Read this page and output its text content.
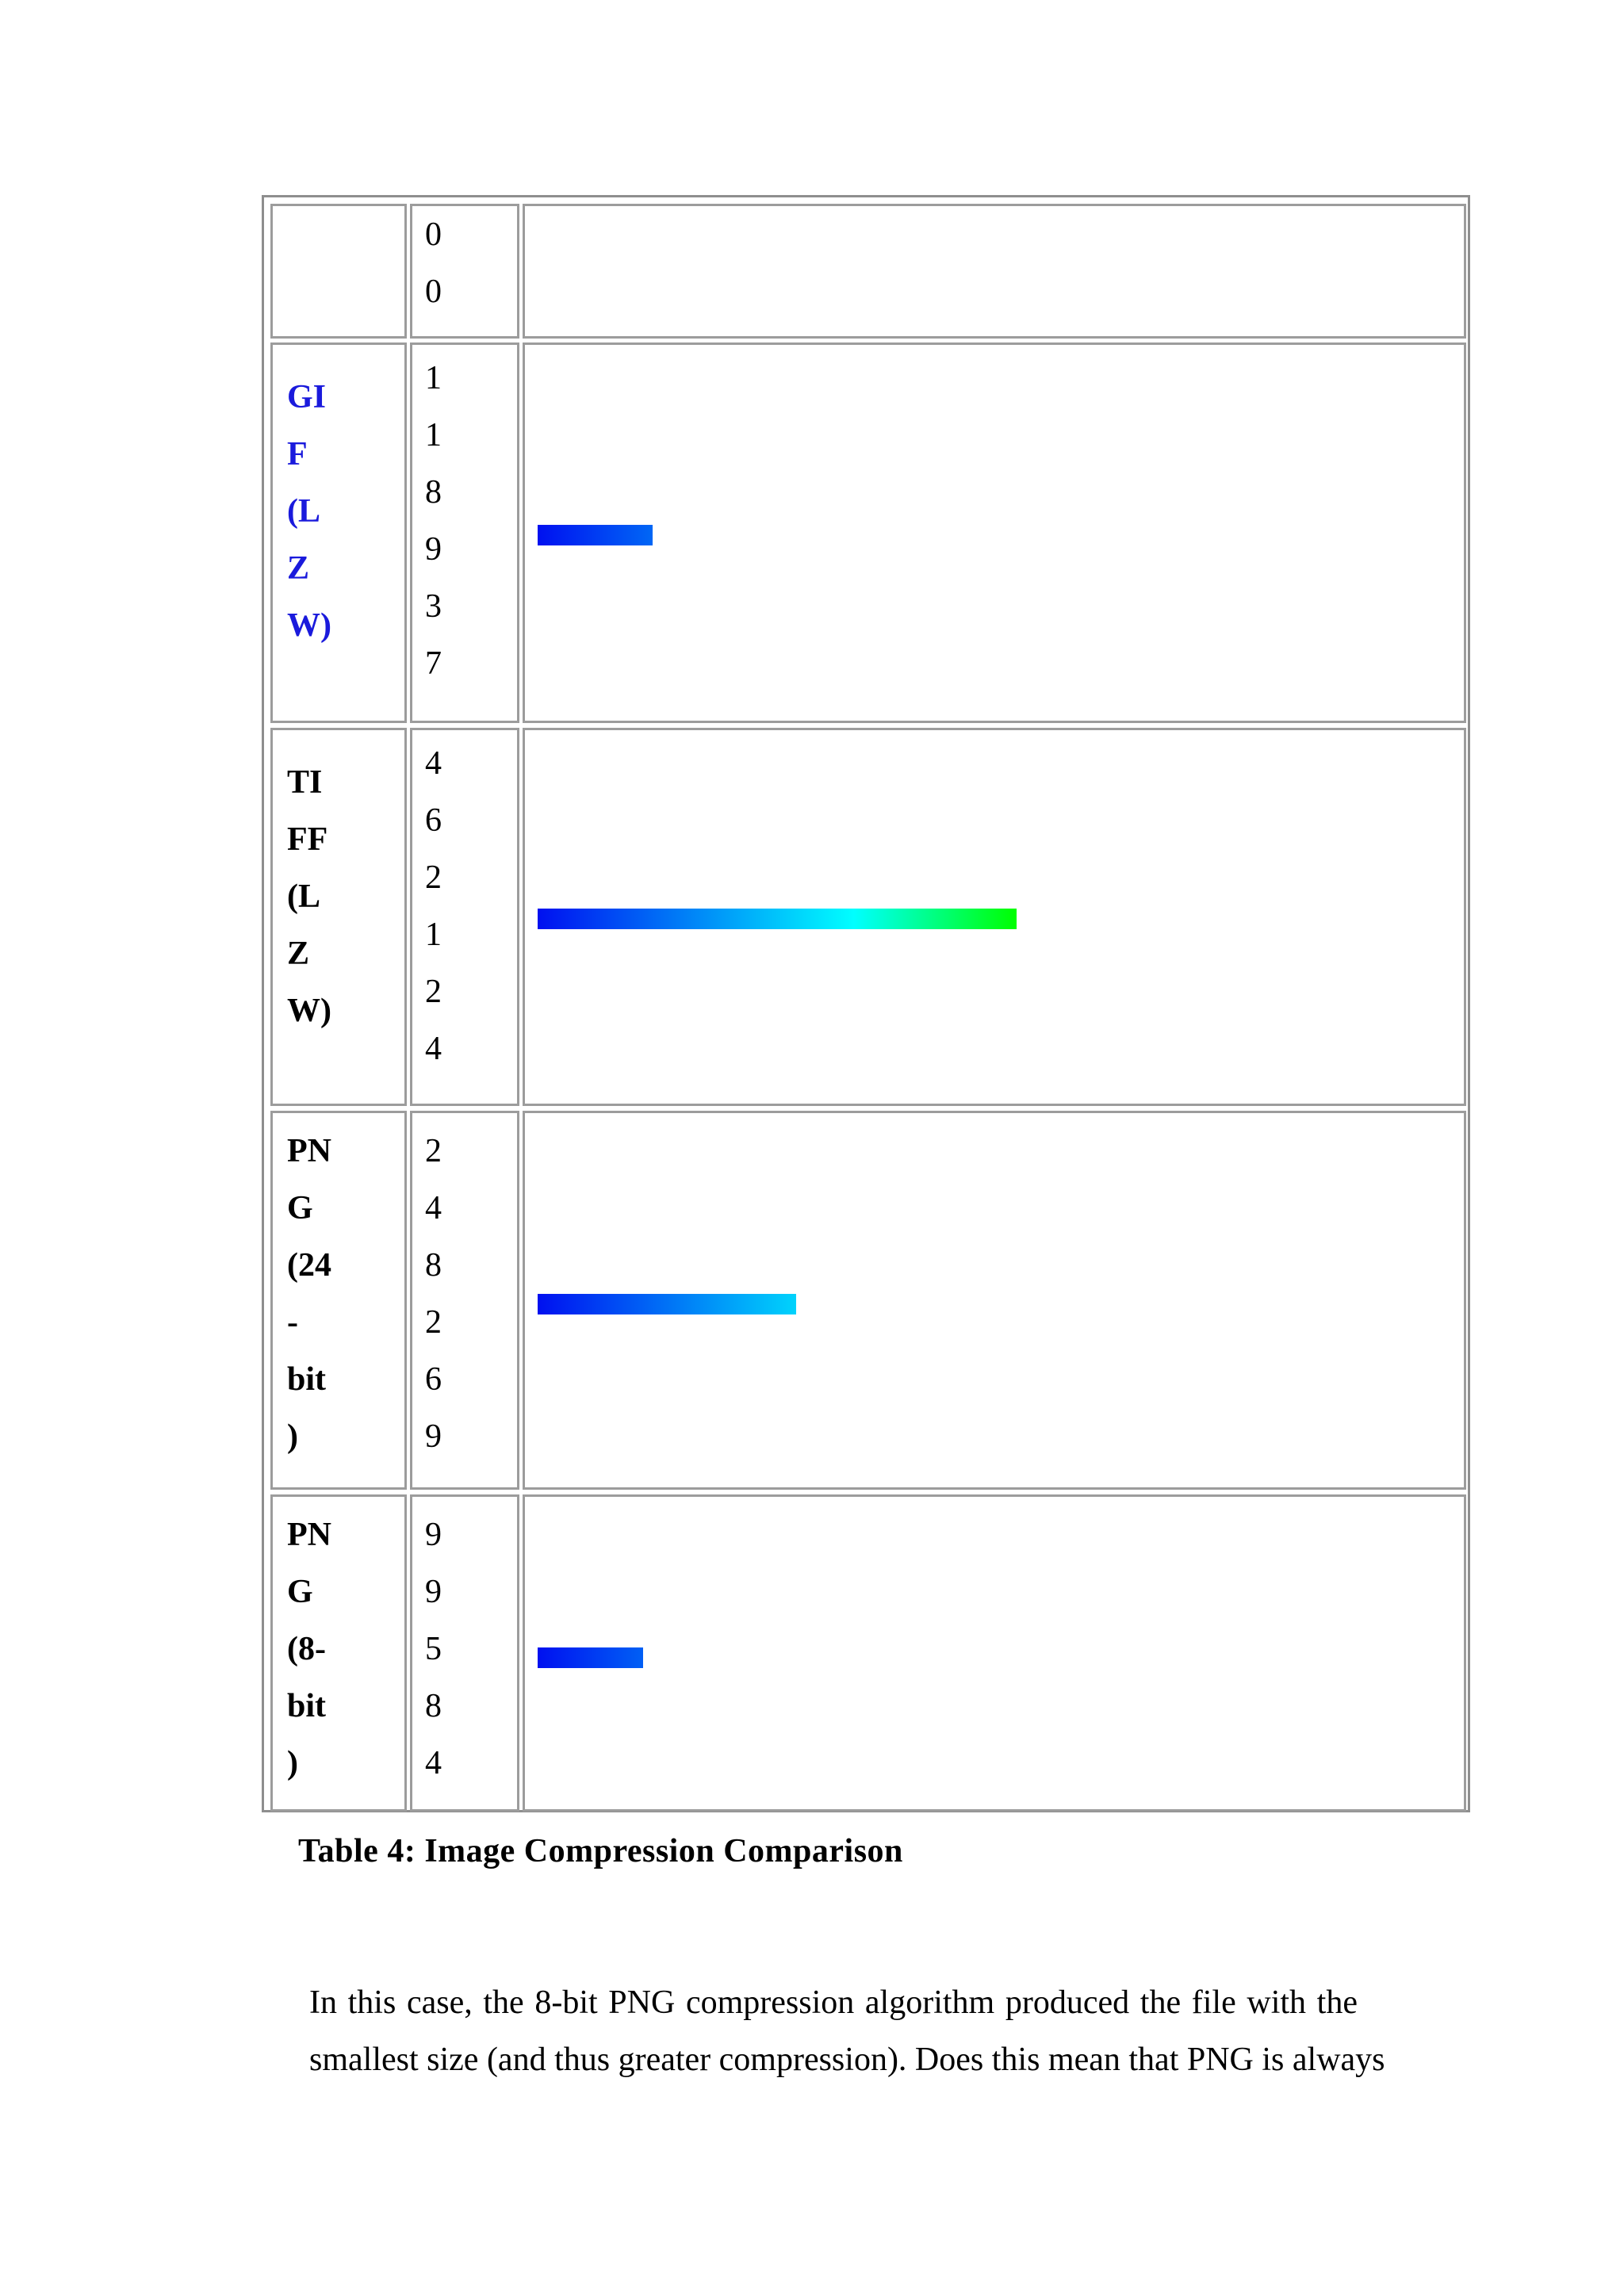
0
0
GI
F
(L
Z
W)
1
1
8
9
3
7
TI
FF
(L
Z
W)
4
6
2
1
2
4
PN
G
(24
-
bit
)
2
4
8
2
6
9
PN
G
(8-
bit
)
9
9
5
8
4
Table 4: Image Compression Comparison
In this case, the 8-bit PNG compression algorithm produced the file with the
smallest size (and thus greater compression). Does this mean that PNG is always
